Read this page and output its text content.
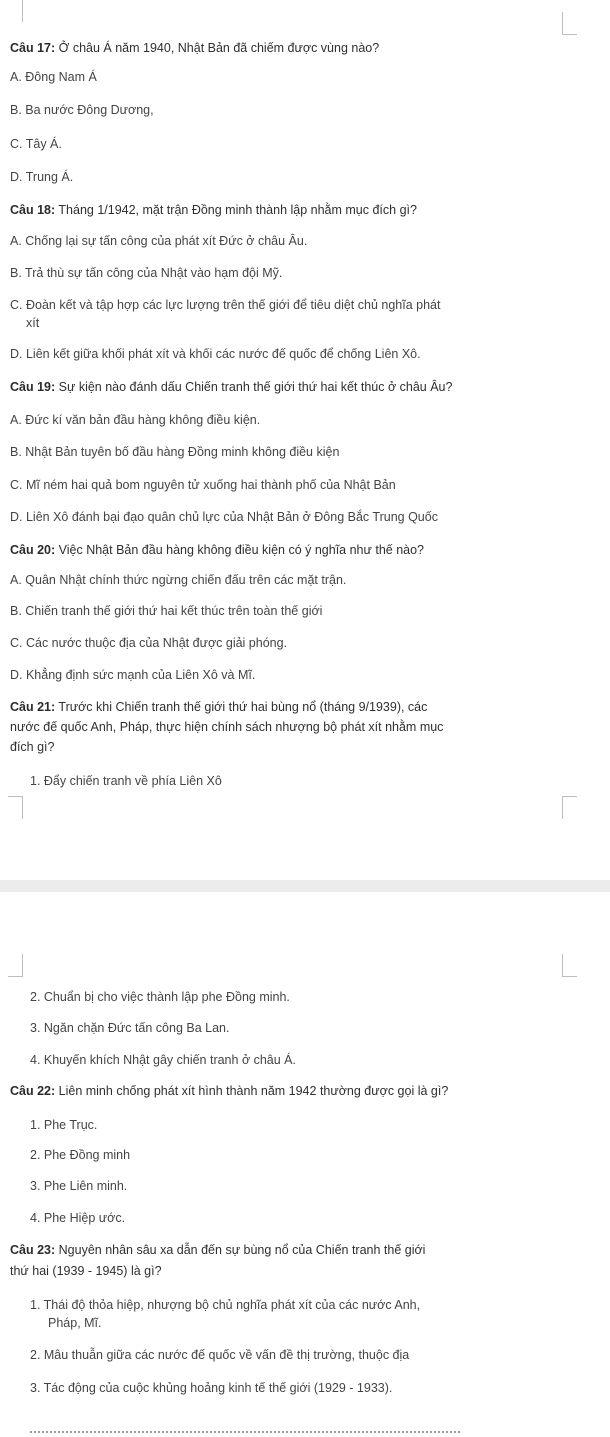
Câu 17: Ở châu Á năm 1940, Nhật Bản đã chiếm được vùng nào?
A. Đông Nam Á
B. Ba nước Đông Dương,
C. Tây Á.
D. Trung Á.
Câu 18: Tháng 1/1942, mặt trận Đồng minh thành lập nhằm mục đích gì?
A. Chống lại sự tấn công của phát xít Đức ở châu Âu.
B. Trả thù sự tấn công của Nhật vào hạm đội Mỹ.
C. Đoàn kết và tập hợp các lực lượng trên thế giới để tiêu diệt chủ nghĩa phát
xít
D. Liên kết giữa khối phát xít và khối các nước đế quốc để chống Liên Xô.
Câu 19: Sự kiện nào đánh dấu Chiến tranh thế giới thứ hai kết thúc ở châu Âu?
A. Đức kí văn bản đầu hàng không điều kiện.
B. Nhật Bản tuyên bố đầu hàng Đồng minh không điều kiện
C. Mĩ ném hai quả bom nguyên tử xuống hai thành phố của Nhật Bản
D. Liên Xô đánh bại đạo quân chủ lực của Nhật Bản ở Đông Bắc Trung Quốc
Câu 20: Việc Nhật Bản đầu hàng không điều kiện có ý nghĩa như thế nào?
A. Quân Nhật chính thức ngừng chiến đấu trên các mặt trận.
B. Chiến tranh thế giới thứ hai kết thúc trên toàn thế giới
C. Các nước thuộc địa của Nhật được giải phóng.
D. Khẳng định sức mạnh của Liên Xô và Mĩ.
Câu 21: Trước khi Chiến tranh thế giới thứ hai bùng nổ (tháng 9/1939), các
nước đế quốc Anh, Pháp, thực hiện chính sách nhượng bộ phát xít nhằm mục
đích gì?
1. Đẩy chiến tranh về phía Liên Xô
2. Chuẩn bị cho việc thành lập phe Đồng minh.
3. Ngăn chặn Đức tấn công Ba Lan.
4. Khuyến khích Nhật gây chiến tranh ở châu Á.
Câu 22: Liên minh chống phát xít hình thành năm 1942 thường được gọi là gì?
1. Phe Trục.
2. Phe Đồng minh
3. Phe Liên minh.
4. Phe Hiệp ước.
Câu 23: Nguyên nhân sâu xa dẫn đến sự bùng nổ của Chiến tranh thế giới
thứ hai (1939 - 1945) là gì?
1. Thái độ thỏa hiệp, nhượng bộ chủ nghĩa phát xít của các nước Anh,
Pháp, Mĩ.
2. Mâu thuẫn giữa các nước đế quốc về vấn đề thị trường, thuộc địa
3. Tác động của cuộc khủng hoảng kinh tế thế giới (1929 - 1933).
